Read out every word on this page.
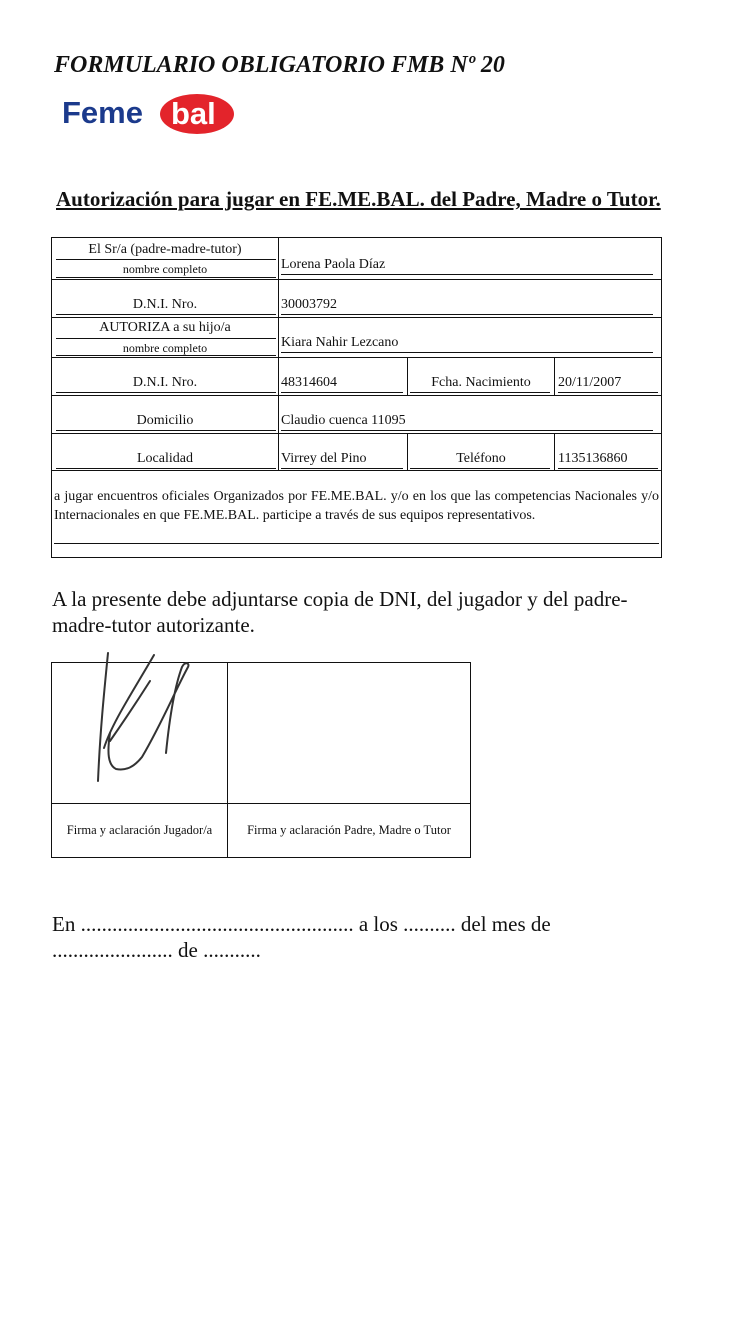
FORMULARIO OBLIGATORIO FMB Nº 20
Feme bal
Autorización para jugar en FE.ME.BAL. del Padre, Madre o Tutor.
El Sr/a (padre-madre-tutor)
nombre completo	Lorena Paola Díaz
D.N.I. Nro.	30003792
AUTORIZA a su hijo/a
nombre completo	Kiara Nahir Lezcano
D.N.I. Nro.	48314604	Fcha. Nacimiento	20/11/2007
Domicilio	Claudio cuenca 11095
Localidad	Virrey del Pino	Teléfono	1135136860
a jugar encuentros oficiales Organizados por FE.ME.BAL. y/o en los que las competencias Nacionales y/o Internacionales en que FE.ME.BAL. participe a través de sus equipos representativos.
A la presente debe adjuntarse copia de DNI, del jugador y del padre-madre-tutor autorizante.
Firma y aclaración Jugador/a	Firma y aclaración Padre, Madre o Tutor
En .................................................... a los .......... del mes de
....................... de ...........
